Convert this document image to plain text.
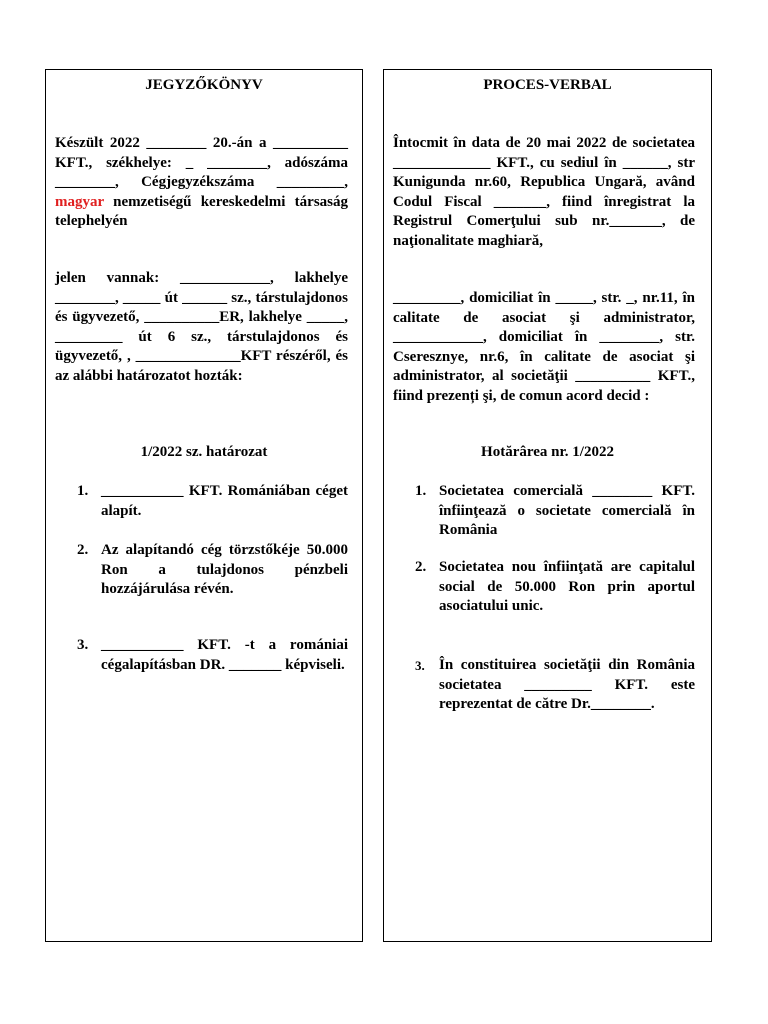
JEGYZŐKÖNYV
Készült 2022 ________ 20.-án a __________ KFT., székhelye: _ ________, adószáma ________, Cégjegyzékszáma _________, magyar nemzetiségű kereskedelmi társaság telephelyén
jelen vannak: ____________, lakhelye ________, _____ út ______ sz., társtulajdonos és ügyvezető, __________ER, lakhelye _____, _________ út 6 sz., társtulajdonos és ügyvezető, , ______________KFT részéről, és az alábbi határozatot hozták:
1/2022 sz. határozat
1. ___________ KFT. Romániában céget alapít.
2. Az alapítandó cég törzstőkéje 50.000 Ron a tulajdonos pénzbeli hozzájárulása révén.
3. ___________ KFT. -t a romániai cégalapításban DR. _______ képviseli.
PROCES-VERBAL
Întocmit în data de 20 mai 2022 de societatea _____________ KFT., cu sediul în ______, str Kunigunda nr.60, Republica Ungară, având Codul Fiscal _______, fiind înregistrat la Registrul Comerţului sub nr._______, de naţionalitate maghiară,
_________, domiciliat în _____, str. _, nr.11, în calitate de asociat şi administrator, ____________, domiciliat în ________, str. Cseresznye, nr.6, în calitate de asociat şi administrator, al societăţii __________ KFT., fiind prezenți şi, de comun acord decid :
Hotărârea nr. 1/2022
1. Societatea comercială ________ KFT. înfiinţează o societate comercială în România
2. Societatea nou înfiinţată are capitalul social de 50.000 Ron prin aportul asociatului unic.
3. În constituirea societăţii din România societatea _________ KFT. este reprezentat de către Dr.________.
